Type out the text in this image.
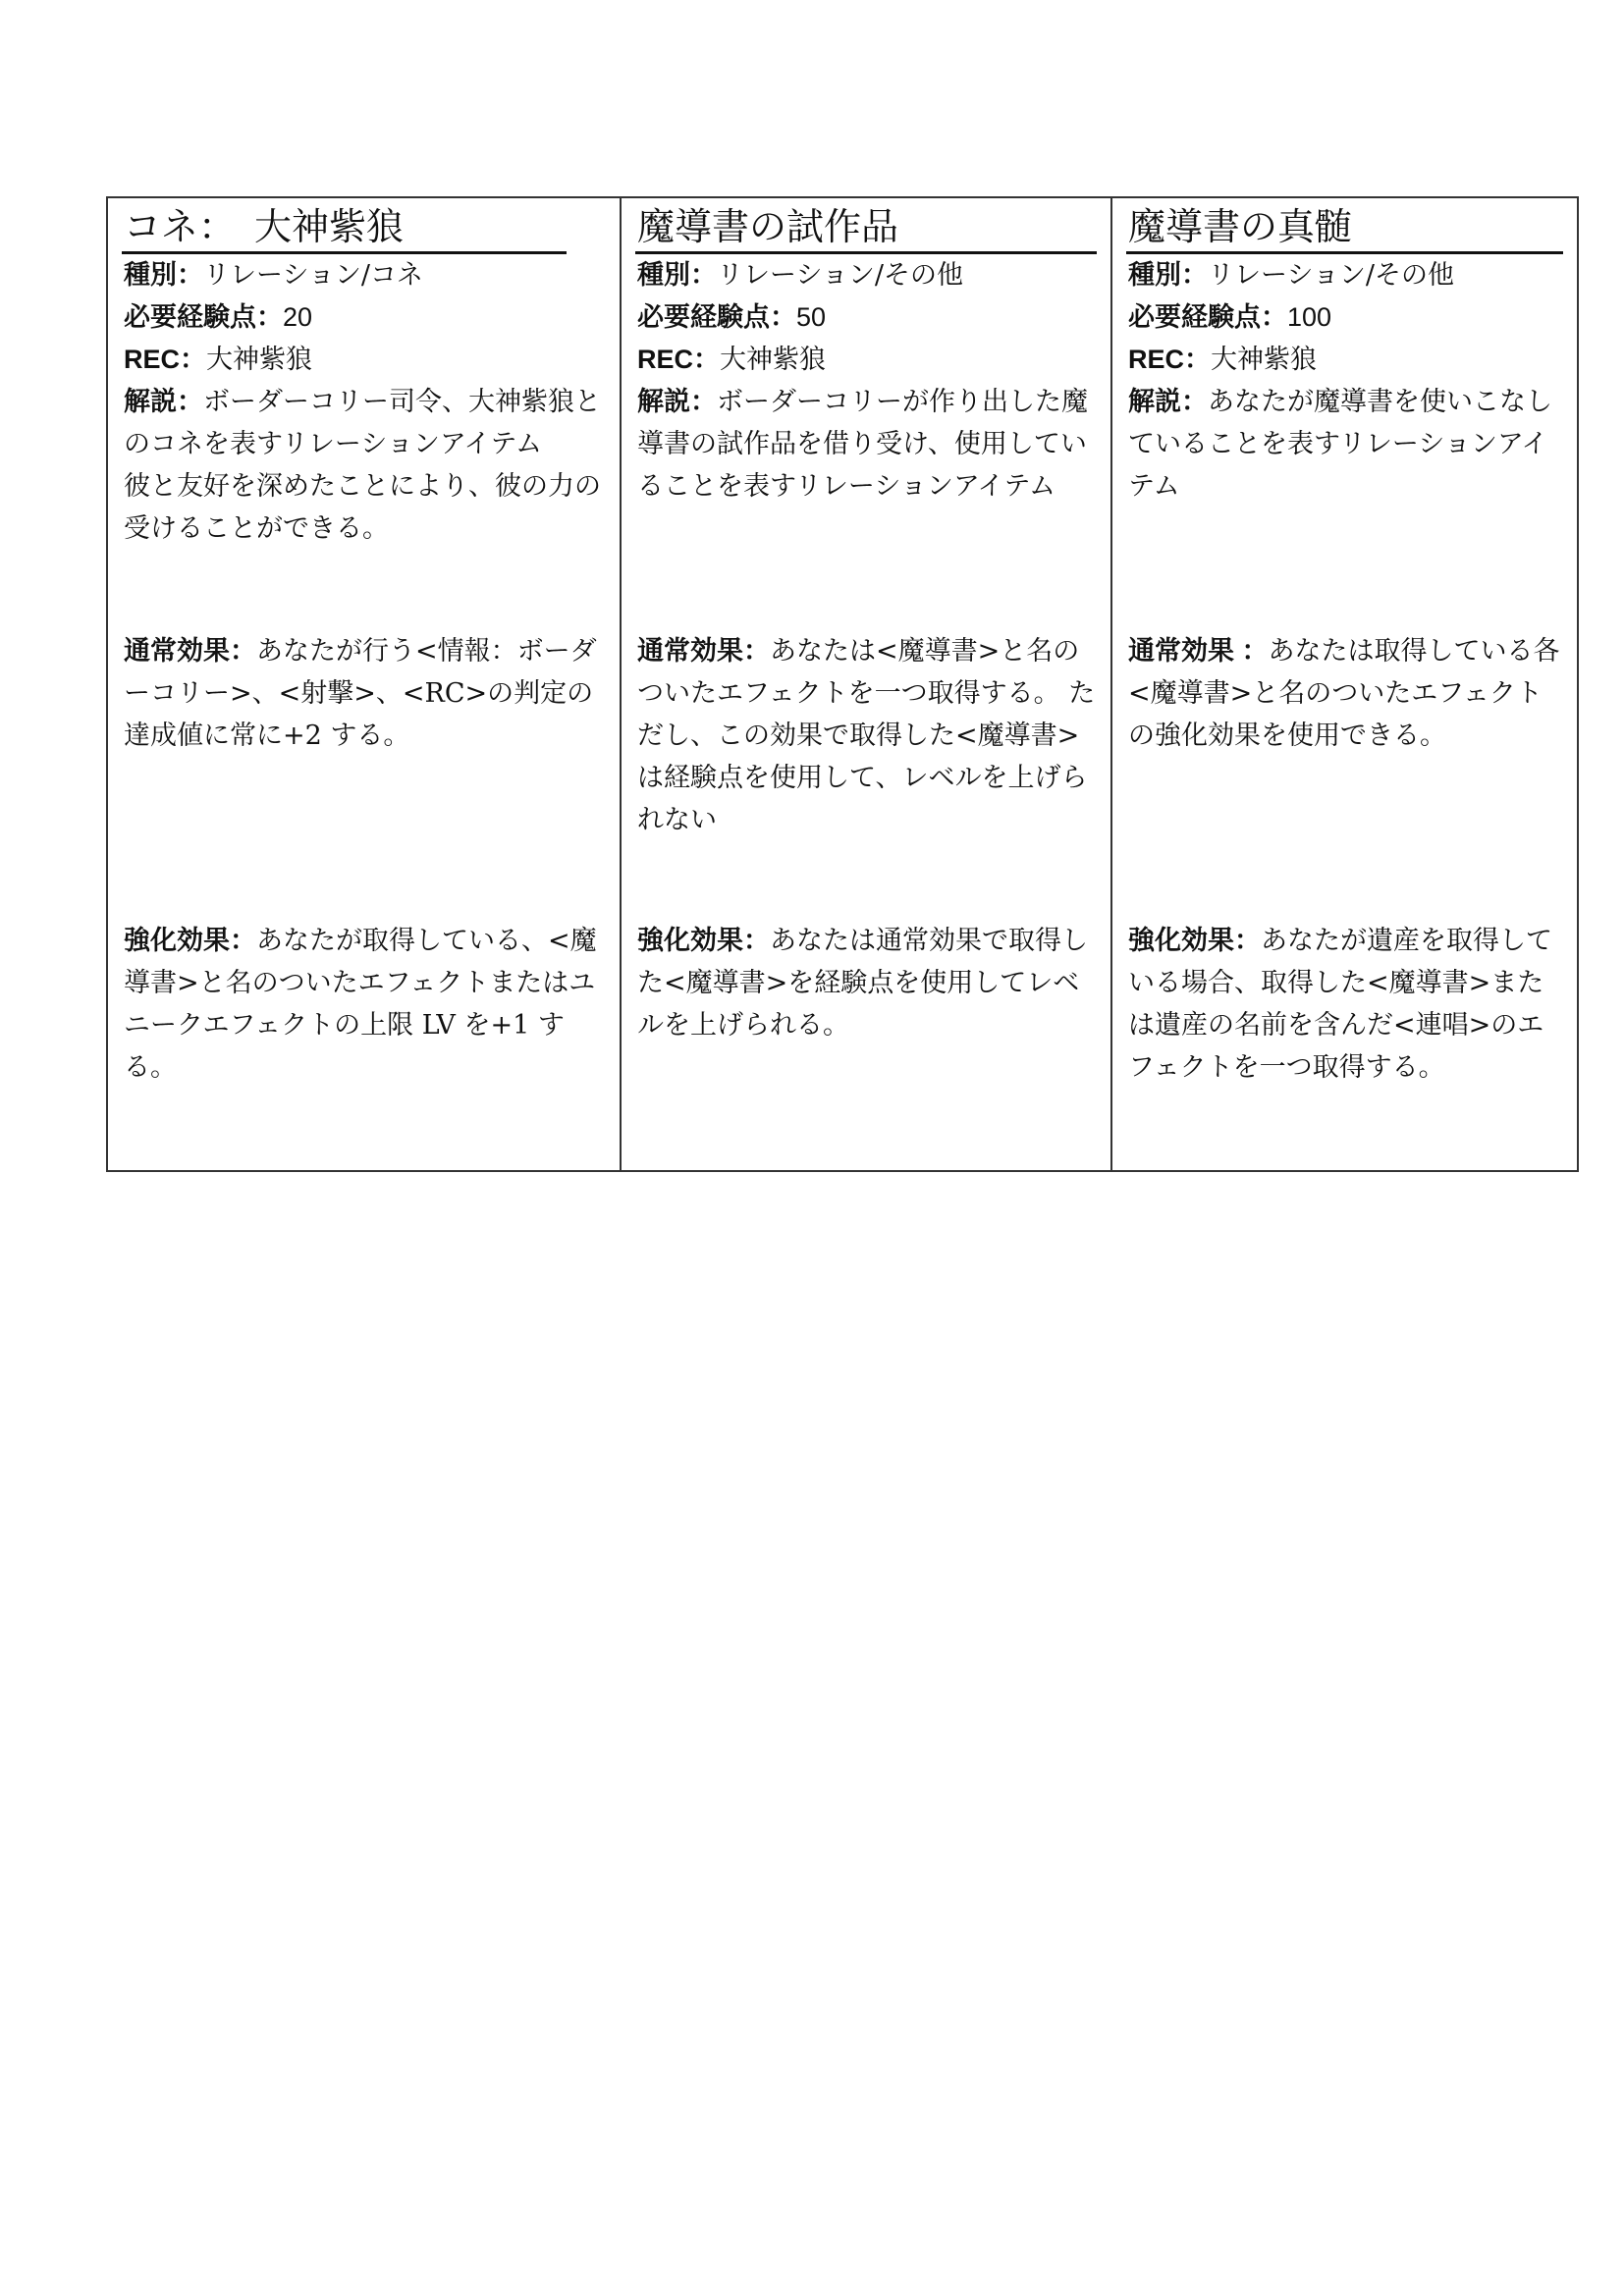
コネ：　大神紫狼
種別：リレーション/コネ
必要経験点：20
REC：大神紫狼

解説：ボーダーコリー司令、大神紫狼とのコネを表すリレーションアイテム

彼と友好を深めたことにより、彼の力の受けることができる。

通常効果：あなたが行う<情報：ボーダーコリー>、<射撃>、<RC>の判定の達成値に常に+2 する。
強化効果：あなたが取得している、<魔導書>と名のついたエフェクトまたはユニークエフェクトの上限 LV を+1 する。
魔導書の試作品
種別：リレーション/その他
必要経験点：50
REC：大神紫狼

解説：ボーダーコリーが作り出した魔導書の試作品を借り受け、使用していることを表すリレーションアイテム

通常効果：あなたは<魔導書>と名のついたエフェクトを一つ取得する。 ただし、この効果で取得した<魔導書>は経験点を使用して、レベルを上げられない
強化効果：あなたは通常効果で取得した<魔導書>を経験点を使用してレベルを上げられる。
魔導書の真髄
種別：リレーション/その他
必要経験点：100
REC：大神紫狼

解説：あなたが魔導書を使いこなしていることを表すリレーションアイテム

通常効果 ：あなたは取得している各<魔導書>と名のついたエフェクトの強化効果を使用できる。
強化効果：あなたが遺産を取得している場合、取得した<魔導書>または遺産の名前を含んだ<連唱>のエフェクトを一つ取得する。
